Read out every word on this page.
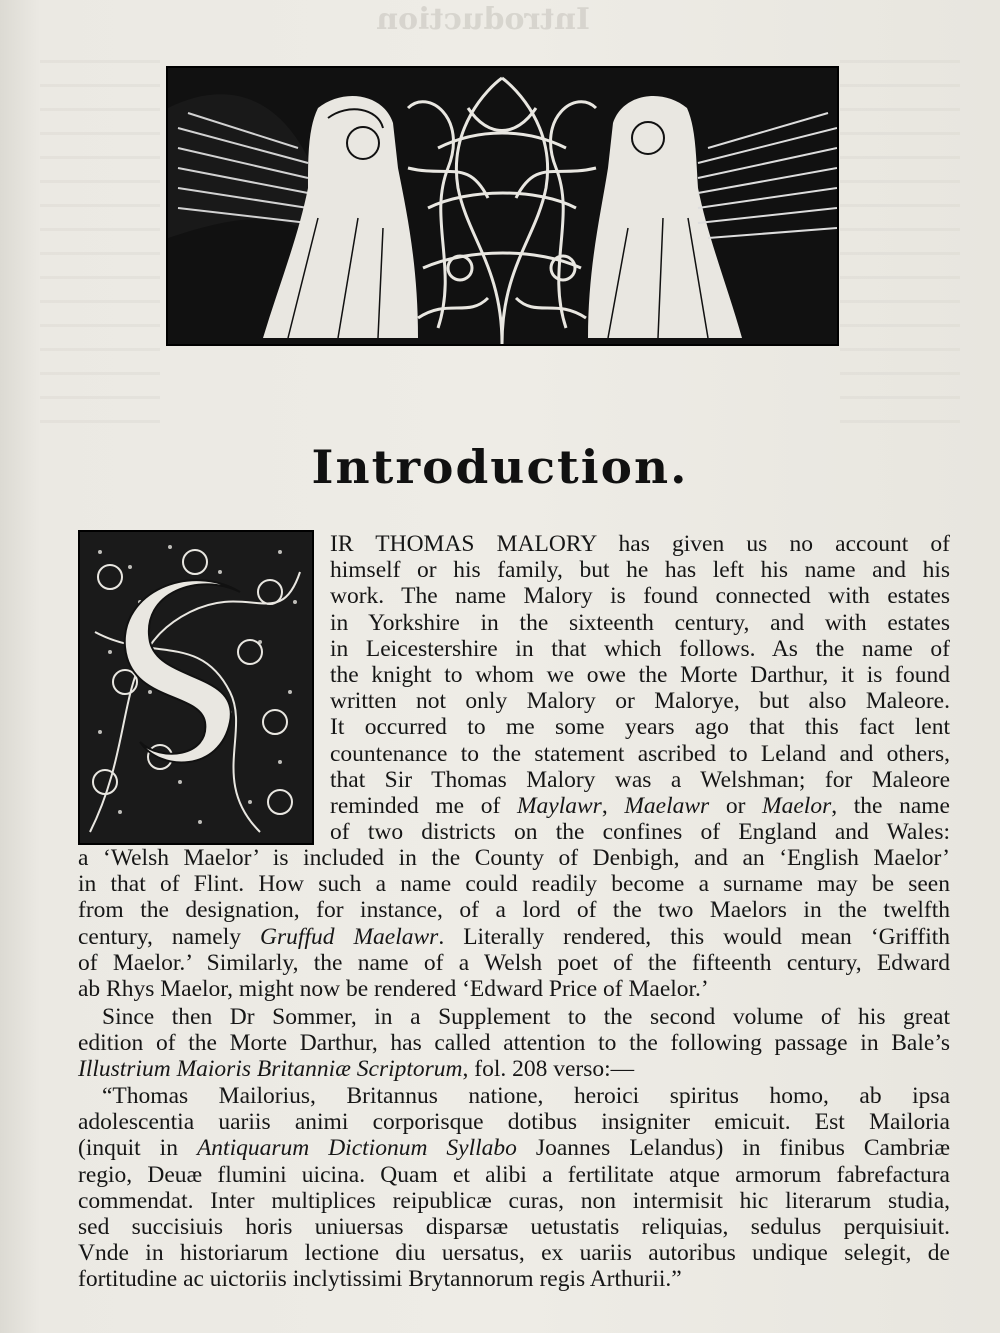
Introduction
Introduction.
IR THOMAS MALORY has given us no account of
himself or his family, but he has left his name and his
work. The name Malory is found connected with estates
in Yorkshire in the sixteenth century, and with estates
in Leicestershire in that which follows. As the name of
the knight to whom we owe the Morte Darthur, it is found
written not only Malory or Malorye, but also Maleore.
It occurred to me some years ago that this fact lent
countenance to the statement ascribed to Leland and others,
that Sir Thomas Malory was a Welshman; for Maleore
reminded me of Maylawr, Maelawr or Maelor, the name
of two districts on the confines of England and Wales:
a ‘Welsh Maelor’ is included in the County of Denbigh, and an ‘English Maelor’
in that of Flint. How such a name could readily become a surname may be seen
from the designation, for instance, of a lord of the two Maelors in the twelfth
century, namely Gruffud Maelawr. Literally rendered, this would mean ‘Griffith
of Maelor.’ Similarly, the name of a Welsh poet of the fifteenth century, Edward
ab Rhys Maelor, might now be rendered ‘Edward Price of Maelor.’
Since then Dr Sommer, in a Supplement to the second volume of his great
edition of the Morte Darthur, has called attention to the following passage in Bale’s
Illustrium Maioris Britanniæ Scriptorum, fol. 208 verso:—
“Thomas Mailorius, Britannus natione, heroici spiritus homo, ab ipsa
adolescentia uariis animi corporisque dotibus insigniter emicuit. Est Mailoria
(inquit in Antiquarum Dictionum Syllabo Joannes Lelandus) in finibus Cambriæ
regio, Deuæ flumini uicina. Quam et alibi a fertilitate atque armorum fabrefactura
commendat. Inter multiplices reipublicæ curas, non intermisit hic literarum studia,
sed succisiuis horis uniuersas disparsæ uetustatis reliquias, sedulus perquisiuit.
Vnde in historiarum lectione diu uersatus, ex uariis autoribus undique selegit, de
fortitudine ac uictoriis inclytissimi Brytannorum regis Arthurii.”
